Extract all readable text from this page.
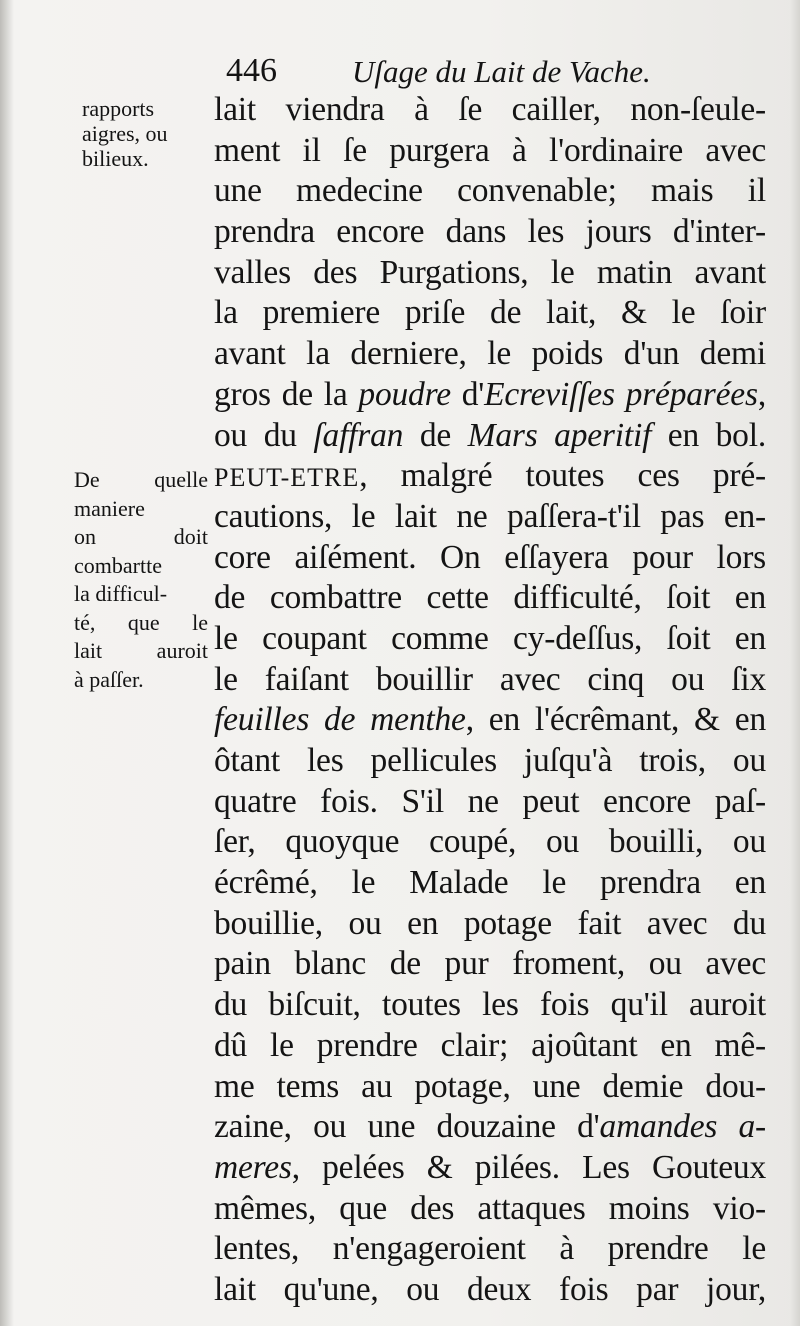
446 Uſage du Lait de Vache.
rapports
aigres, ou
bilieux.
De quelle
maniere
on doit
combartte
la difficul-
té, que le
lait auroit
à paſſer.
lait viendra à ſe cailler, non-ſeule-
ment il ſe purgera à l'ordinaire avec
une medecine convenable; mais il
prendra encore dans les jours d'inter-
valles des Purgations, le matin avant
la premiere priſe de lait, & le ſoir
avant la derniere, le poids d'un demi
gros de la poudre d'Ecreviſſes préparées,
ou du ſaffran de Mars aperitif en bol.
PEUT-ETRE, malgré toutes ces pré-
cautions, le lait ne paſſera-t'il pas en-
core aiſément. On eſſayera pour lors
de combattre cette difficulté, ſoit en
le coupant comme cy-deſſus, ſoit en
le faiſant bouillir avec cinq ou ſix
feuilles de menthe, en l'écrêmant, & en
ôtant les pellicules juſqu'à trois, ou
quatre fois. S'il ne peut encore paſ-
ſer, quoyque coupé, ou bouilli, ou
écrêmé, le Malade le prendra en
bouillie, ou en potage fait avec du
pain blanc de pur froment, ou avec
du biſcuit, toutes les fois qu'il auroit
dû le prendre clair; ajoûtant en mê-
me tems au potage, une demie dou-
zaine, ou une douzaine d'amandes a-
meres, pelées & pilées. Les Gouteux
mêmes, que des attaques moins vio-
lentes, n'engageroient à prendre le
lait qu'une, ou deux fois par jour,
